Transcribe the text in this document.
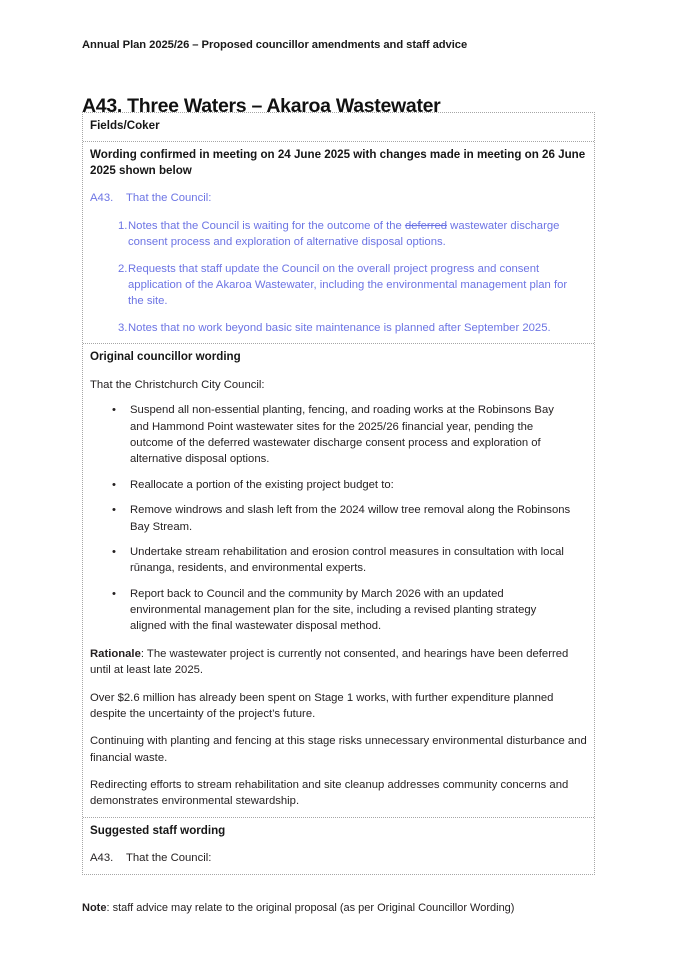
Annual Plan 2025/26 – Proposed councillor amendments and staff advice
A43. Three Waters – Akaroa Wastewater
Fields/Coker
Wording confirmed in meeting on 24 June 2025 with changes made in meeting on 26 June 2025 shown below
A43.	That the Council:
1. Notes that the Council is waiting for the outcome of the deferred wastewater discharge consent process and exploration of alternative disposal options.
2. Requests that staff update the Council on the overall project progress and consent application of the Akaroa Wastewater, including the environmental management plan for the site.
3. Notes that no work beyond basic site maintenance is planned after September 2025.
Original councillor wording
That the Christchurch City Council:
•	Suspend all non-essential planting, fencing, and roading works at the Robinsons Bay and Hammond Point wastewater sites for the 2025/26 financial year, pending the outcome of the deferred wastewater discharge consent process and exploration of alternative disposal options.
•	Reallocate a portion of the existing project budget to:
•	Remove windrows and slash left from the 2024 willow tree removal along the Robinsons Bay Stream.
•	Undertake stream rehabilitation and erosion control measures in consultation with local rūnanga, residents, and environmental experts.
•	Report back to Council and the community by March 2026 with an updated environmental management plan for the site, including a revised planting strategy aligned with the final wastewater disposal method.
Rationale: The wastewater project is currently not consented, and hearings have been deferred until at least late 2025.
Over $2.6 million has already been spent on Stage 1 works, with further expenditure planned despite the uncertainty of the project’s future.
Continuing with planting and fencing at this stage risks unnecessary environmental disturbance and financial waste.
Redirecting efforts to stream rehabilitation and site cleanup addresses community concerns and demonstrates environmental stewardship.
Suggested staff wording
A43.	That the Council:
Note: staff advice may relate to the original proposal (as per Original Councillor Wording)
